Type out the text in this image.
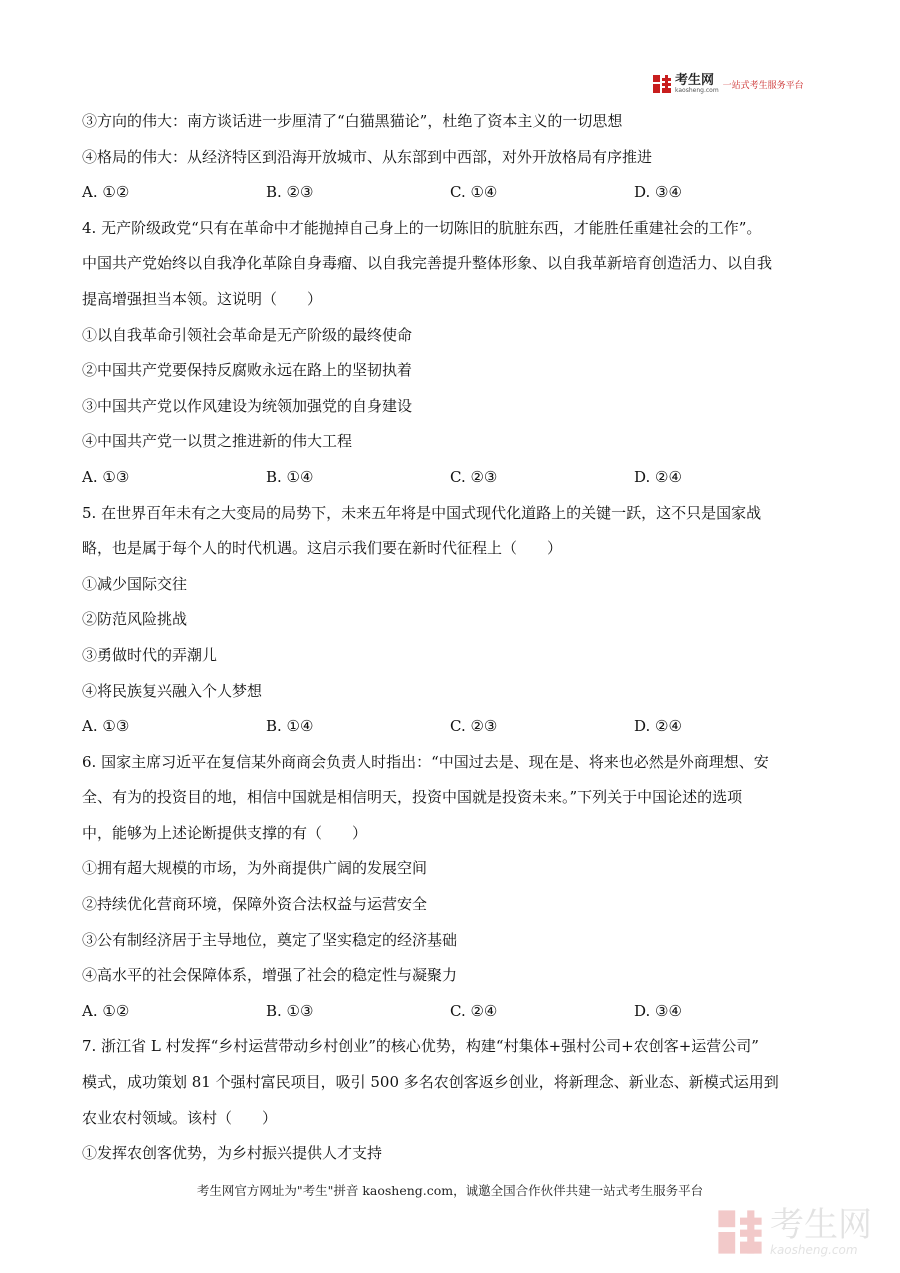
考生网
kaosheng.com 一站式考生服务平台
③方向的伟大：南方谈话进一步厘清了“白猫黑猫论”，杜绝了资本主义的一切思想
④格局的伟大：从经济特区到沿海开放城市、从东部到中西部，对外开放格局有序推进
A. ①②	B. ②③	C. ①④	D. ③④
4. 无产阶级政党“只有在革命中才能抛掉自己身上的一切陈旧的肮脏东西，才能胜任重建社会的工作”。
中国共产党始终以自我净化革除自身毒瘤、以自我完善提升整体形象、以自我革新培育创造活力、以自我
提高增强担当本领。这说明（　　）
①以自我革命引领社会革命是无产阶级的最终使命
②中国共产党要保持反腐败永远在路上的坚韧执着
③中国共产党以作风建设为统领加强党的自身建设
④中国共产党一以贯之推进新的伟大工程
A. ①③	B. ①④	C. ②③	D. ②④
5. 在世界百年未有之大变局的局势下，未来五年将是中国式现代化道路上的关键一跃，这不只是国家战
略，也是属于每个人的时代机遇。这启示我们要在新时代征程上（　　）
①减少国际交往
②防范风险挑战
③勇做时代的弄潮儿
④将民族复兴融入个人梦想
A. ①③	B. ①④	C. ②③	D. ②④
6. 国家主席习近平在复信某外商商会负责人时指出：“中国过去是、现在是、将来也必然是外商理想、安
全、有为的投资目的地，相信中国就是相信明天，投资中国就是投资未来。”下列关于中国论述的选项
中，能够为上述论断提供支撑的有（　　）
①拥有超大规模的市场，为外商提供广阔的发展空间
②持续优化营商环境，保障外资合法权益与运营安全
③公有制经济居于主导地位，奠定了坚实稳定的经济基础
④高水平的社会保障体系，增强了社会的稳定性与凝聚力
A. ①②	B. ①③	C. ②④	D. ③④
7. 浙江省 L 村发挥“乡村运营带动乡村创业”的核心优势，构建“村集体+强村公司+农创客+运营公司”
模式，成功策划 81 个强村富民项目，吸引 500 多名农创客返乡创业，将新理念、新业态、新模式运用到
农业农村领域。该村（　　）
①发挥农创客优势，为乡村振兴提供人才支持
考生网官方网址为"考生"拼音 kaosheng.com，诚邀全国合作伙伴共建一站式考生服务平台
考生网
kaosheng.com
